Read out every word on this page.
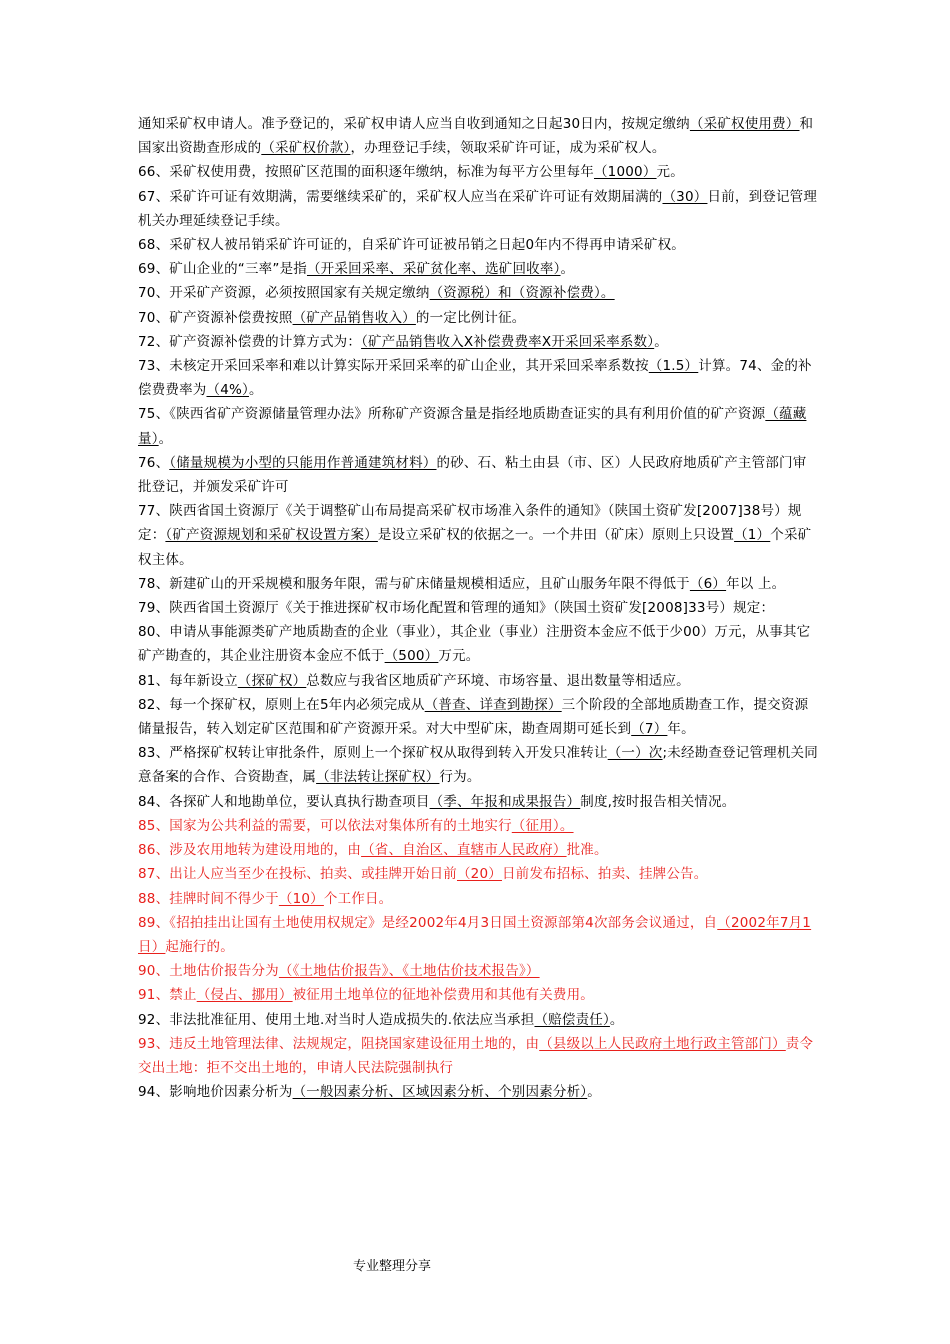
通知采矿权申请人。准予登记的，采矿权申请人应当自收到通知之日起30日内，按规定缴纳（采矿权使用费）和国家出资勘查形成的（采矿权价款），办理登记手续，领取采矿许可证，成为采矿权人。

66、采矿权使用费，按照矿区范围的面积逐年缴纳，标准为每平方公里每年（1000）元。

67、采矿许可证有效期满，需要继续采矿的，采矿权人应当在采矿许可证有效期届满的（30）日前，到登记管理机关办理延续登记手续。

68、采矿权人被吊销采矿许可证的，自采矿许可证被吊销之日起0年内不得再申请采矿权。

69、矿山企业的“三率”是指（开采回采率、采矿贫化率、选矿回收率）。

70、开采矿产资源，必须按照国家有关规定缴纳（资源税）和（资源补偿费）。

70、矿产资源补偿费按照（矿产品销售收入）的一定比例计征。

72、矿产资源补偿费的计算方式为：（矿产品销售收入X补偿费费率X开采回采率系数）。

73、未核定开采回采率和难以计算实际开采回采率的矿山企业，其开采回采率系数按（1.5）计算。74、金的补偿费费率为（4%）。

75、《陕西省矿产资源储量管理办法》所称矿产资源含量是指经地质勘查证实的具有利用价值的矿产资源（蕴藏量）。

76、（储量规模为小型的只能用作普通建筑材料）的砂、石、粘土由县（市、区）人民政府地质矿产主管部门审批登记，并颁发采矿许可

77、陕西省国土资源厅《关于调整矿山布局提高采矿权市场准入条件的通知》（陕国土资矿发[2007]38号）规定：（矿产资源规划和采矿权设置方案）是设立采矿权的依据之一。一个井田（矿床）原则上只设置（1）个采矿权主体。

78、新建矿山的开采规模和服务年限，需与矿床储量规模相适应，且矿山服务年限不得低于（6）年以 上。

79、陕西省国土资源厅《关于推进探矿权市场化配置和管理的通知》（陕国土资矿发[2008]33号）规定：

80、申请从事能源类矿产地质勘查的企业（事业），其企业（事业）注册资本金应不低于少00）万元，从事其它矿产勘查的，其企业注册资本金应不低于（500）万元。

81、每年新设立（探矿权）总数应与我省区地质矿产环境、市场容量、退出数量等相适应。

82、每一个探矿权，原则上在5年内必须完成从（普查、详查到勘探）三个阶段的全部地质勘查工作，提交资源储量报告，转入划定矿区范围和矿产资源开采。对大中型矿床，勘查周期可延长到（7）年。

83、严格探矿权转让审批条件，原则上一个探矿权从取得到转入开发只准转让（一）次;未经勘查登记管理机关同意备案的合作、合资勘查，属（非法转让探矿权）行为。

84、各探矿人和地勘单位，要认真执行勘查项目（季、年报和成果报告）制度,按时报告相关情况。

85、国家为公共利益的需要，可以依法对集体所有的土地实行（征用）。

86、涉及农用地转为建设用地的，由（省、自治区、直辖市人民政府）批准。

87、出让人应当至少在投标、拍卖、或挂牌开始日前（20）日前发布招标、拍卖、挂牌公告。

88、挂牌时间不得少于（10）个工作日。

89、《招拍挂出让国有土地使用权规定》是经2002年4月3日国土资源部第4次部务会议通过，自（2002年7月1日）起施行的。

90、土地估价报告分为（《土地估价报告》、《土地估价技术报告》）

91、禁止（侵占、挪用）被征用土地单位的征地补偿费用和其他有关费用。

92、非法批准征用、使用土地.对当时人造成损失的.依法应当承担（赔偿责任）。

93、违反土地管理法律、法规规定，阻挠国家建设征用土地的，由（县级以上人民政府土地行政主管部门）责令交出土地：拒不交出土地的，申请人民法院强制执行

94、影响地价因素分析为（一般因素分析、区域因素分析、个别因素分析）。

专业整理分享
